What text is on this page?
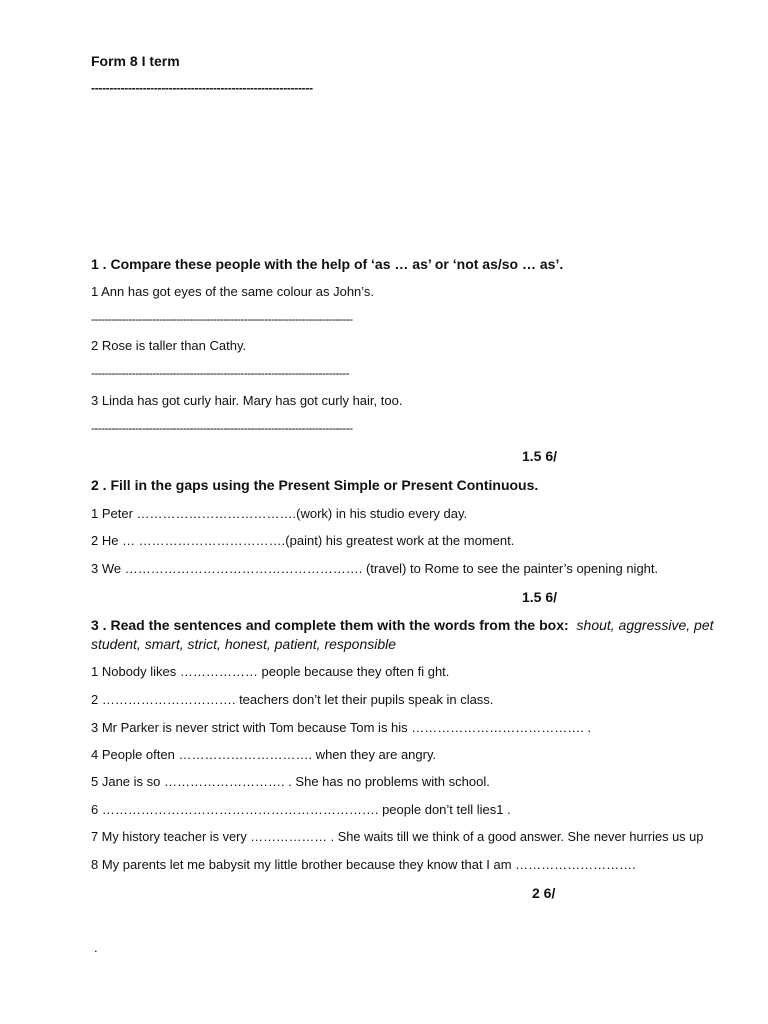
Form 8 I term
------------------------------------------------------------
1 . Compare these people with the help of ‘as … as’ or ‘not as/so … as’.
1 Ann has got eyes of the same colour as John’s.
-----------------------------------------------------------------------------
2 Rose is taller than Cathy.
----------------------------------------------------------------------------
3 Linda has got curly hair. Mary has got curly hair, too.
-----------------------------------------------------------------------------
1.5 6/
2 . Fill in the gaps using the Present Simple or Present Continuous.
1 Peter ……………………………….(work) in his studio every day.
2 He … …………………………….(paint) his greatest work at the moment.
3 We ………………………………………………. (travel) to Rome to see the painter’s opening night.
1.5 6/
3 . Read the sentences and complete them with the words from the box: shout, aggressive, pet
student, smart, strict, honest, patient, responsible
1 Nobody likes ……………… people because they often fi ght.
2 …………………………. teachers don’t let their pupils speak in class.
3 Mr Parker is never strict with Tom because Tom is his …………………………………. .
4 People often …………………………. when they are angry.
5 Jane is so ………………………. . She has no problems with school.
6 ………………………………………………………. people don’t tell lies1 .
7 My history teacher is very ……………… . She waits till we think of a good answer. She never hurries us up
8 My parents let me babysit my little brother because they know that I am ……………………….
2 6/
.
